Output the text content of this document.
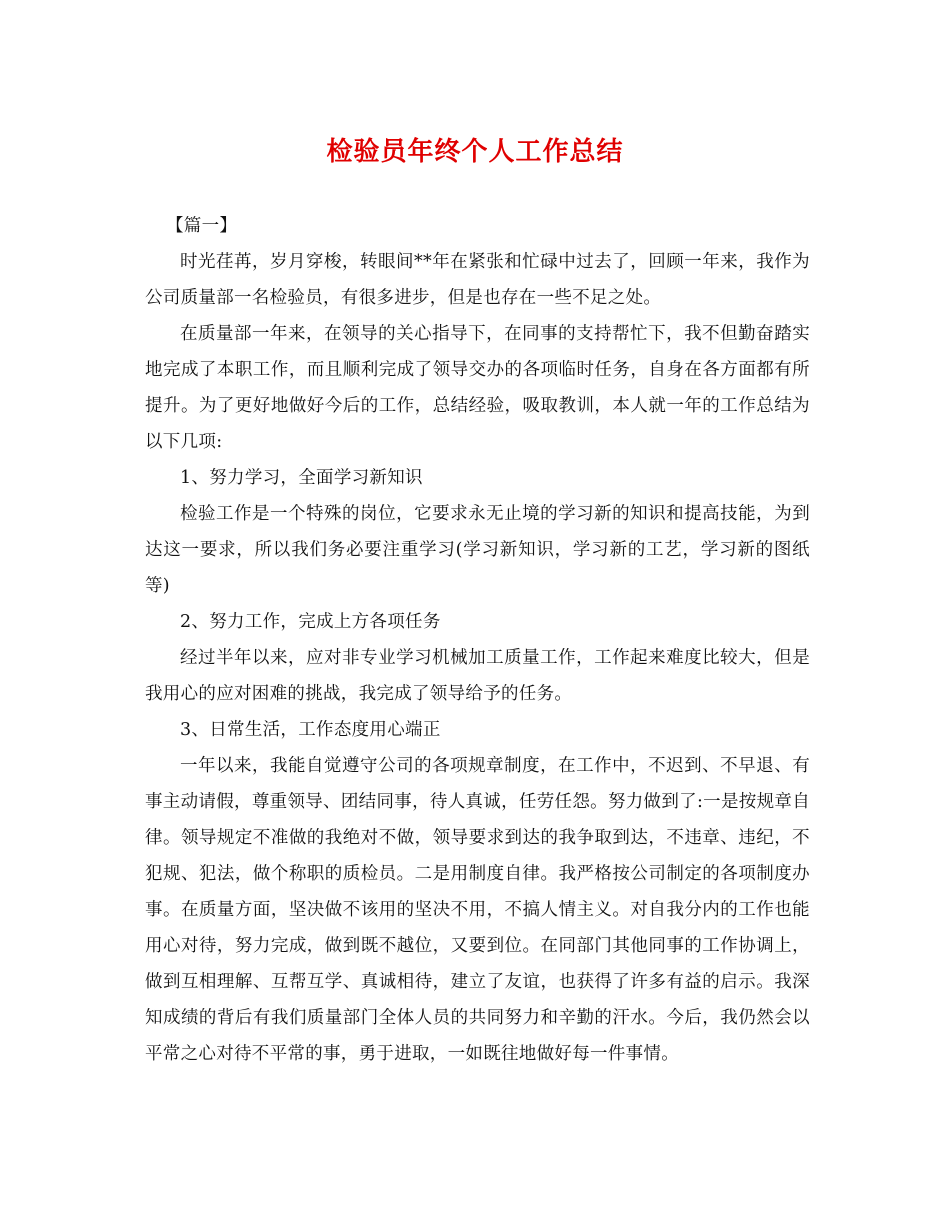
检验员年终个人工作总结

【篇一】

时光荏苒，岁月穿梭，转眼间**年在紧张和忙碌中过去了，回顾一年来，我作为公司质量部一名检验员，有很多进步，但是也存在一些不足之处。

在质量部一年来，在领导的关心指导下，在同事的支持帮忙下，我不但勤奋踏实地完成了本职工作，而且顺利完成了领导交办的各项临时任务，自身在各方面都有所提升。为了更好地做好今后的工作，总结经验，吸取教训，本人就一年的工作总结为以下几项:

1、努力学习，全面学习新知识

检验工作是一个特殊的岗位，它要求永无止境的学习新的知识和提高技能，为到达这一要求，所以我们务必要注重学习(学习新知识，学习新的工艺，学习新的图纸等)

2、努力工作，完成上方各项任务

经过半年以来，应对非专业学习机械加工质量工作，工作起来难度比较大，但是我用心的应对困难的挑战，我完成了领导给予的任务。

3、日常生活，工作态度用心端正

一年以来，我能自觉遵守公司的各项规章制度，在工作中，不迟到、不早退、有事主动请假，尊重领导、团结同事，待人真诚，任劳任怨。努力做到了:一是按规章自律。领导规定不准做的我绝对不做，领导要求到达的我争取到达，不违章、违纪，不犯规、犯法，做个称职的质检员。二是用制度自律。我严格按公司制定的各项制度办事。在质量方面，坚决做不该用的坚决不用，不搞人情主义。对自我分内的工作也能用心对待，努力完成，做到既不越位，又要到位。在同部门其他同事的工作协调上，做到互相理解、互帮互学、真诚相待，建立了友谊，也获得了许多有益的启示。我深知成绩的背后有我们质量部门全体人员的共同努力和辛勤的汗水。今后，我仍然会以平常之心对待不平常的事，勇于进取，一如既往地做好每一件事情。
